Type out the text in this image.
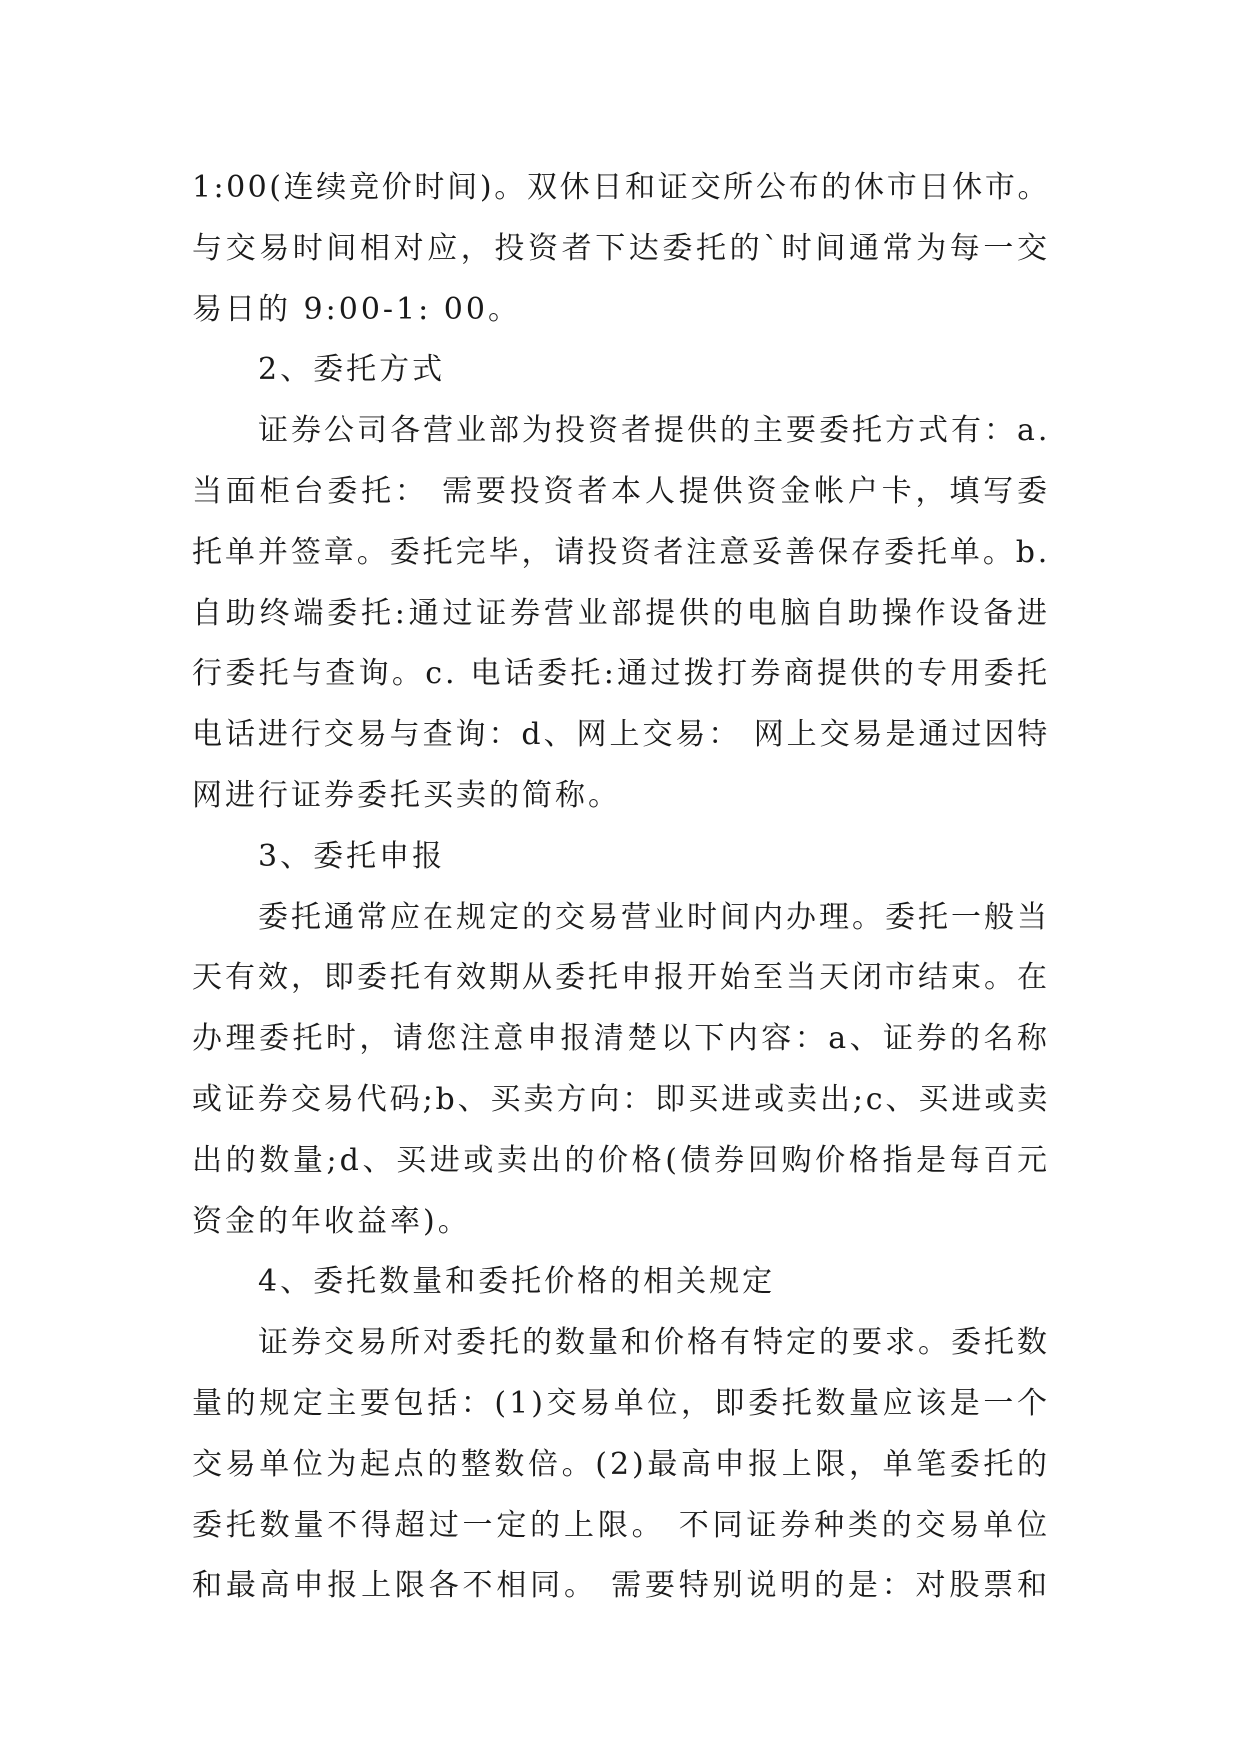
1:00(连续竞价时间)。双休日和证交所公布的休市日休市。
与交易时间相对应，投资者下达委托的`时间通常为每一交
易日的 9:00-1: 00。

2、委托方式

证券公司各营业部为投资者提供的主要委托方式有：a.
当面柜台委托： 需要投资者本人提供资金帐户卡，填写委
托单并签章。委托完毕，请投资者注意妥善保存委托单。b.
自助终端委托:通过证券营业部提供的电脑自助操作设备进
行委托与查询。c. 电话委托:通过拨打券商提供的专用委托
电话进行交易与查询：d、网上交易： 网上交易是通过因特
网进行证券委托买卖的简称。

3、委托申报

委托通常应在规定的交易营业时间内办理。委托一般当
天有效，即委托有效期从委托申报开始至当天闭市结束。在
办理委托时，请您注意申报清楚以下内容：a、证券的名称
或证券交易代码;b、买卖方向：即买进或卖出;c、买进或卖
出的数量;d、买进或卖出的价格(债券回购价格指是每百元
资金的年收益率)。

4、委托数量和委托价格的相关规定

证券交易所对委托的数量和价格有特定的要求。委托数
量的规定主要包括：(1)交易单位，即委托数量应该是一个
交易单位为起点的整数倍。(2)最高申报上限，单笔委托的
委托数量不得超过一定的上限。 不同证券种类的交易单位
和最高申报上限各不相同。 需要特别说明的是：对股票和
